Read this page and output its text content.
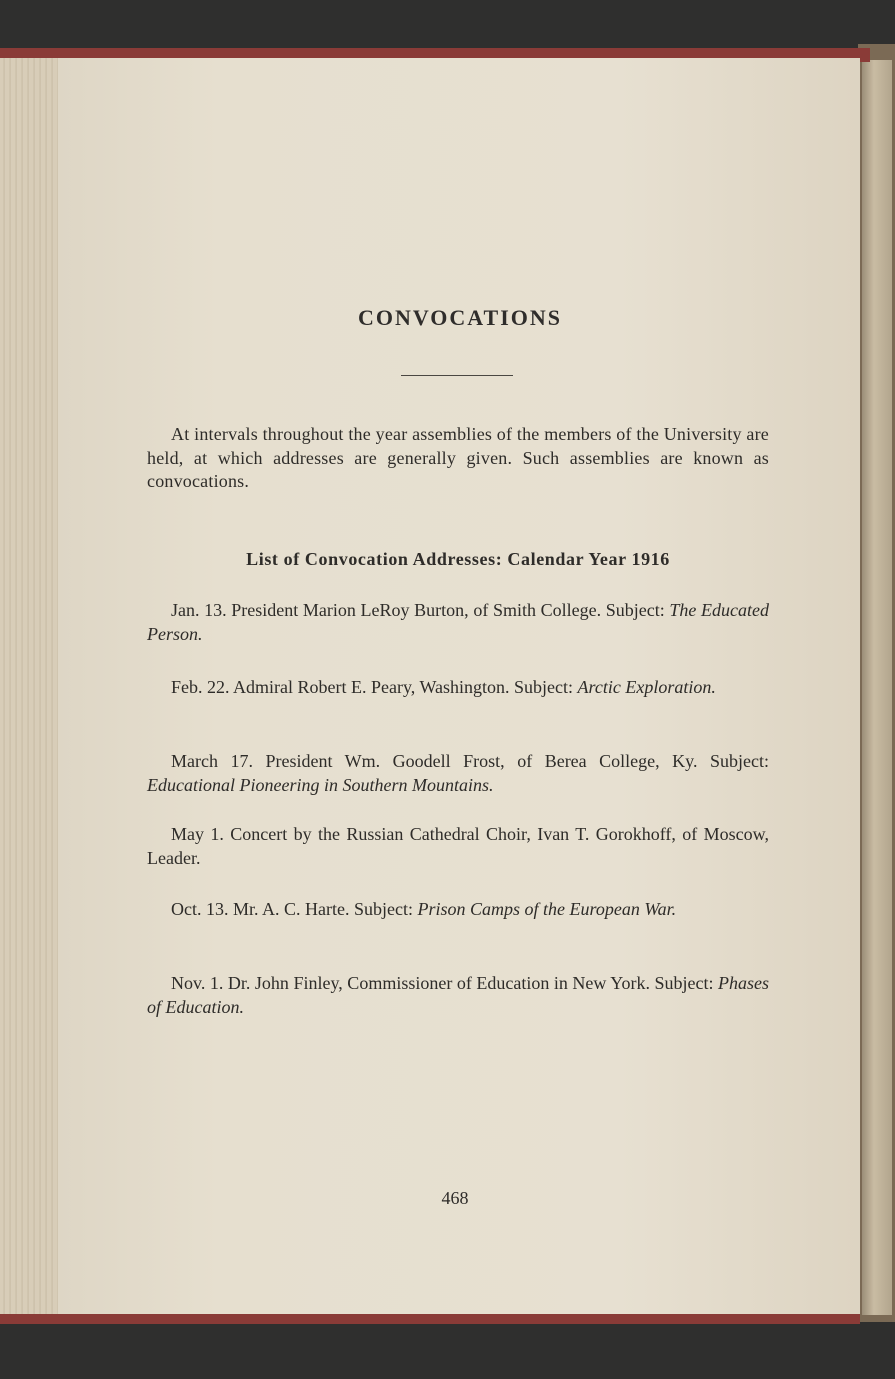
CONVOCATIONS
At intervals throughout the year assemblies of the members of the University are held, at which addresses are generally given. Such assemblies are known as convocations.
List of Convocation Addresses: Calendar Year 1916
Jan. 13. President Marion LeRoy Burton, of Smith College. Subject: The Educated Person.
Feb. 22. Admiral Robert E. Peary, Washington. Subject: Arctic Exploration.
March 17. President Wm. Goodell Frost, of Berea College, Ky. Subject: Educational Pioneering in Southern Mountains.
May 1. Concert by the Russian Cathedral Choir, Ivan T. Gorokhoff, of Moscow, Leader.
Oct. 13. Mr. A. C. Harte. Subject: Prison Camps of the European War.
Nov. 1. Dr. John Finley, Commissioner of Education in New York. Subject: Phases of Education.
468
